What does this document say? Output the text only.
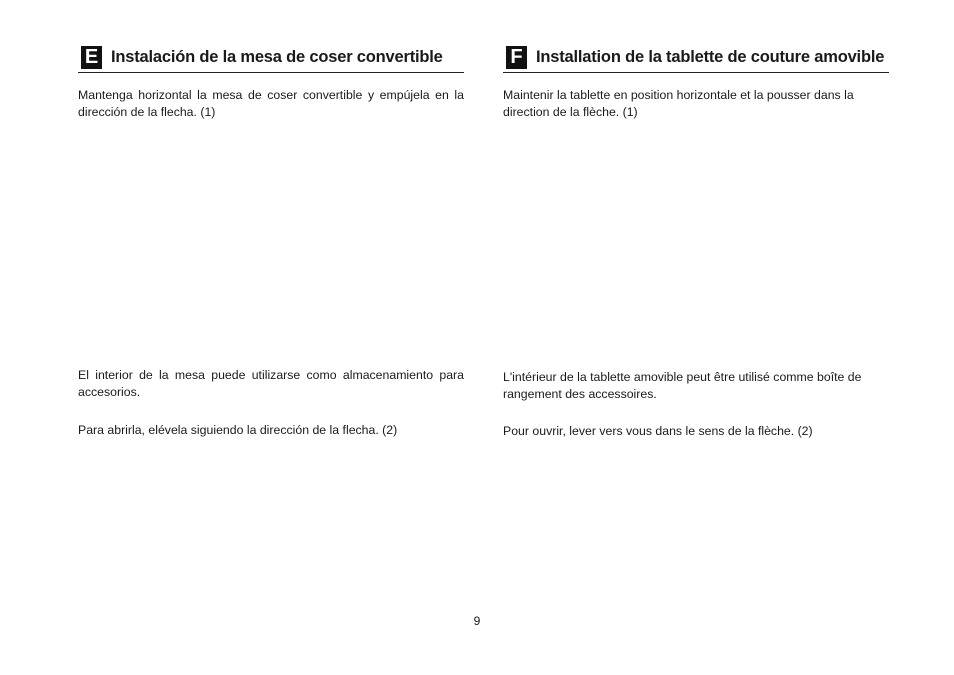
E Instalación de la mesa de coser convertible

Mantenga horizontal la mesa de coser convertible y empújela en la dirección de la flecha. (1)

El interior de la mesa puede utilizarse como almacenamiento para accesorios.

Para abrirla, elévela siguiendo la dirección de la flecha. (2)

F Installation de la tablette de couture amovible

Maintenir la tablette en position horizontale et la pousser dans la direction de la flèche. (1)

L'intérieur de la tablette amovible peut être utilisé comme boîte de rangement des accessoires.

Pour ouvrir, lever vers vous dans le sens de la flèche. (2)

9
